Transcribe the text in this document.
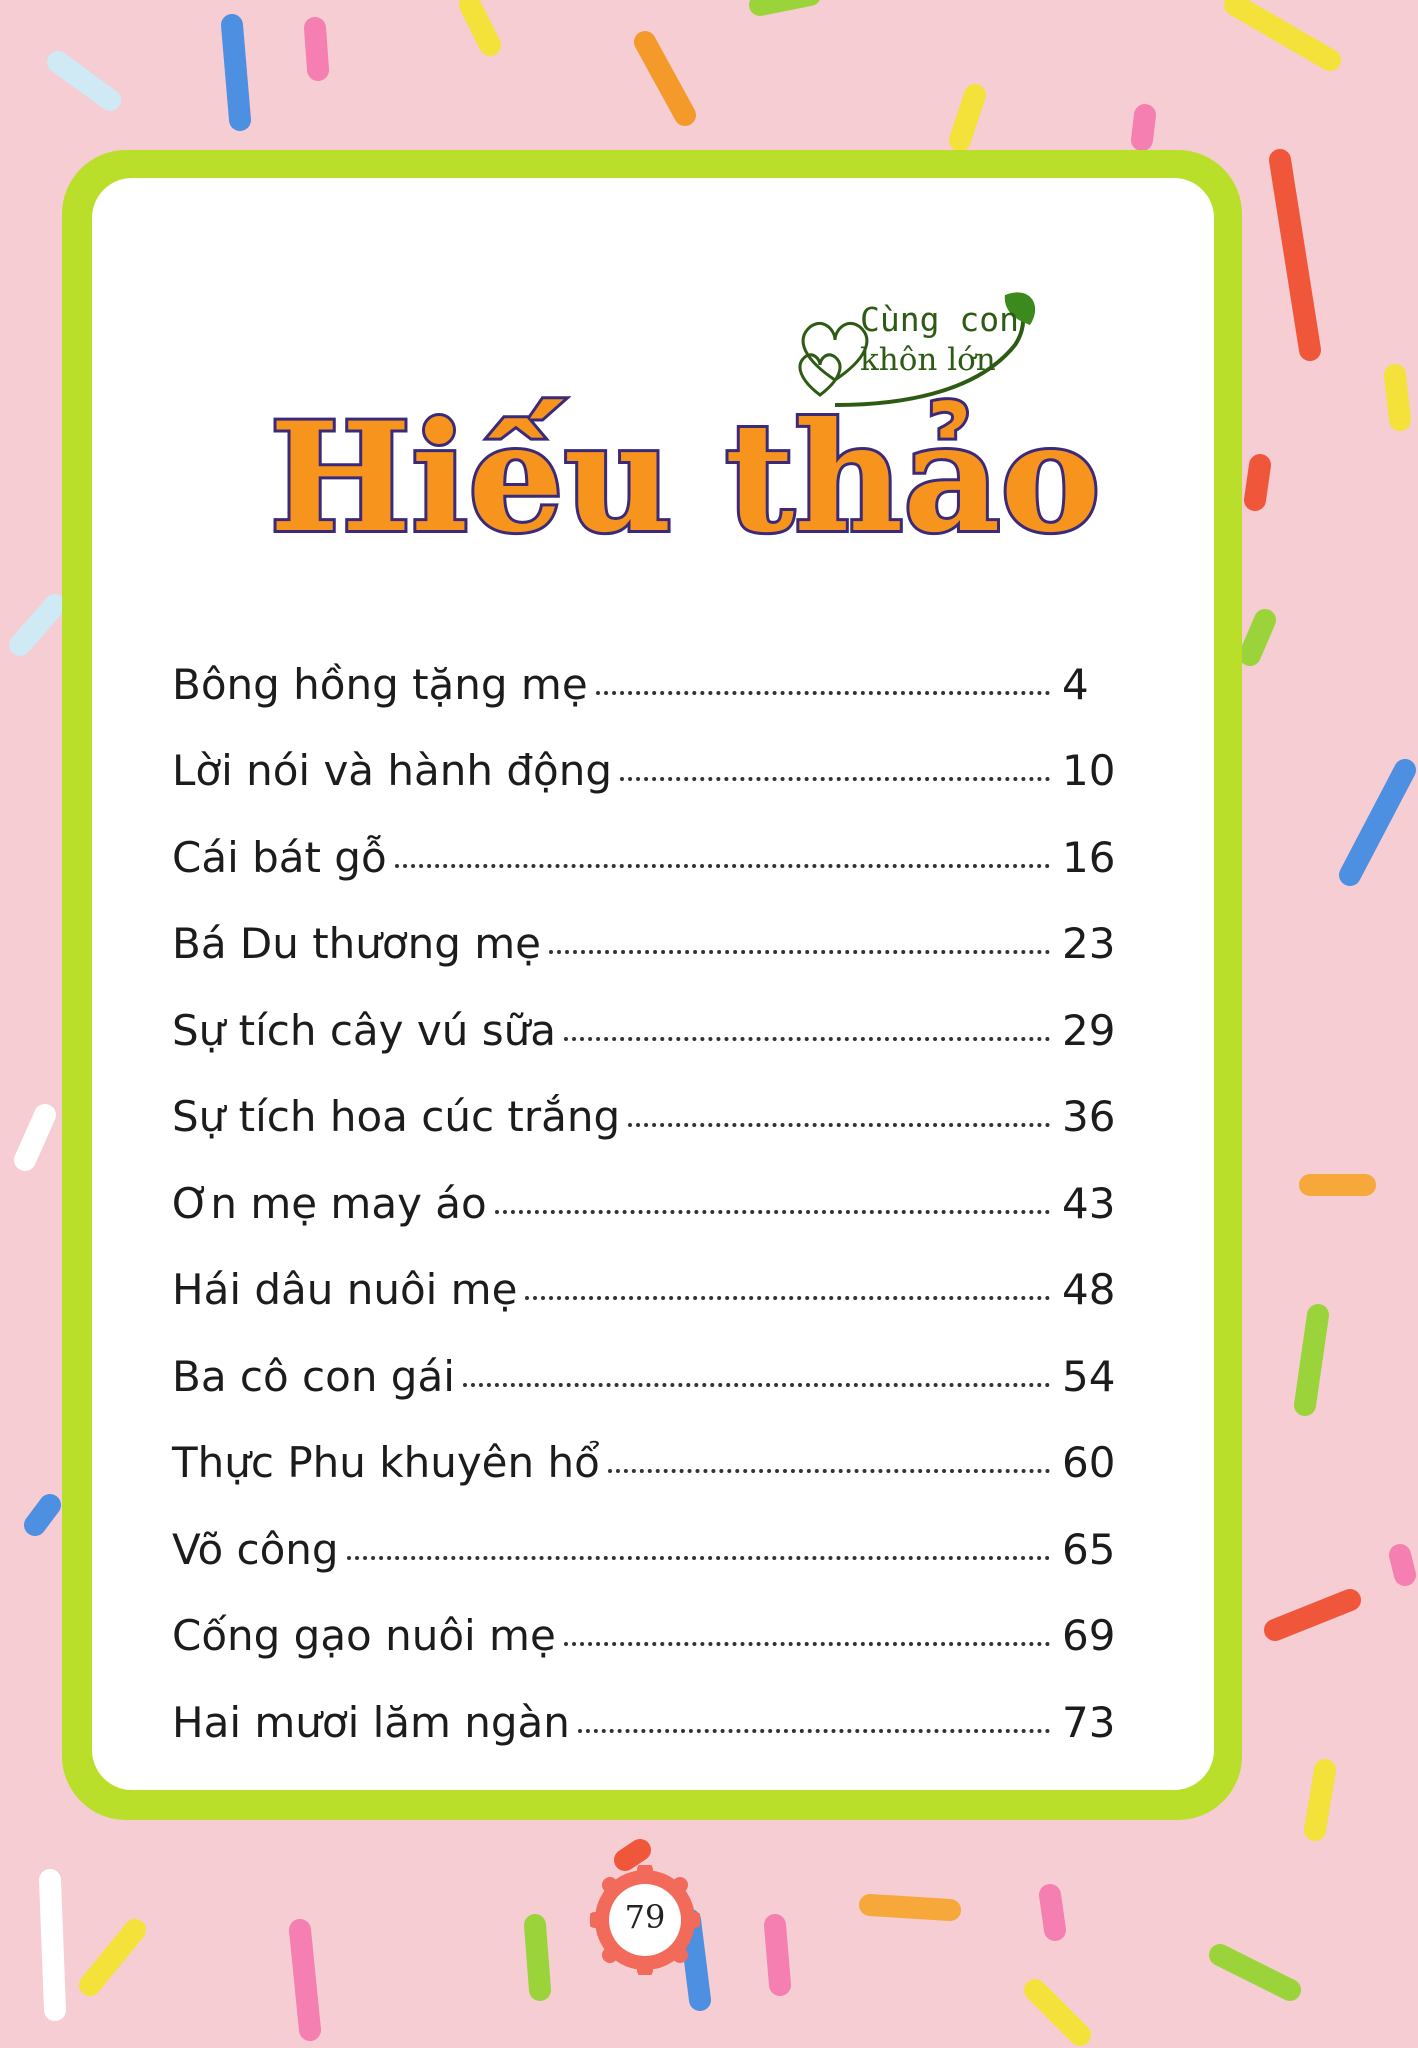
Cùng con
khôn lớn
Hiếu thảo
Bông hồng tặng mẹ	4
Lời nói và hành động	10
Cái bát gỗ	16
Bá Du thương mẹ	23
Sự tích cây vú sữa	29
Sự tích hoa cúc trắng	36
Ơn mẹ may áo	43
Hái dâu nuôi mẹ	48
Ba cô con gái	54
Thực Phu khuyên hổ	60
Võ công	65
Cống gạo nuôi mẹ	69
Hai mươi lăm ngàn	73
79
